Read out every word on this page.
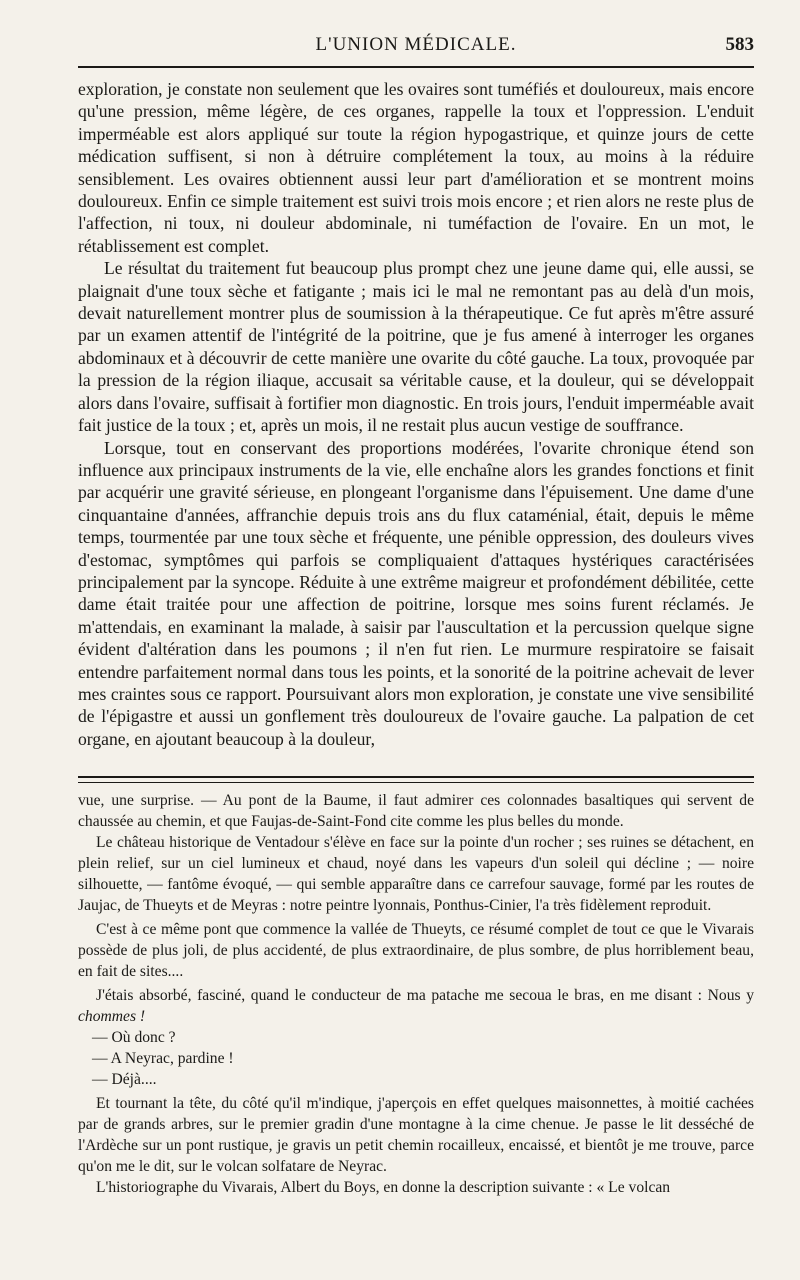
L'UNION MÉDICALE.	583

exploration, je constate non seulement que les ovaires sont tuméfiés et douloureux, mais encore qu'une pression, même légère, de ces organes, rappelle la toux et l'oppression. L'enduit imperméable est alors appliqué sur toute la région hypogastrique, et quinze jours de cette médication suffisent, si non à détruire complétement la toux, au moins à la réduire sensiblement. Les ovaires obtiennent aussi leur part d'amélioration et se montrent moins douloureux. Enfin ce simple traitement est suivi trois mois encore ; et rien alors ne reste plus de l'affection, ni toux, ni douleur abdominale, ni tuméfaction de l'ovaire. En un mot, le rétablissement est complet.

Le résultat du traitement fut beaucoup plus prompt chez une jeune dame qui, elle aussi, se plaignait d'une toux sèche et fatigante ; mais ici le mal ne remontant pas au delà d'un mois, devait naturellement montrer plus de soumission à la thérapeutique. Ce fut après m'être assuré par un examen attentif de l'intégrité de la poitrine, que je fus amené à interroger les organes abdominaux et à découvrir de cette manière une ovarite du côté gauche. La toux, provoquée par la pression de la région iliaque, accusait sa véritable cause, et la douleur, qui se développait alors dans l'ovaire, suffisait à fortifier mon diagnostic. En trois jours, l'enduit imperméable avait fait justice de la toux ; et, après un mois, il ne restait plus aucun vestige de souffrance.

Lorsque, tout en conservant des proportions modérées, l'ovarite chronique étend son influence aux principaux instruments de la vie, elle enchaîne alors les grandes fonctions et finit par acquérir une gravité sérieuse, en plongeant l'organisme dans l'épuisement. Une dame d'une cinquantaine d'années, affranchie depuis trois ans du flux cataménial, était, depuis le même temps, tourmentée par une toux sèche et fréquente, une pénible oppression, des douleurs vives d'estomac, symptômes qui parfois se compliquaient d'attaques hystériques caractérisées principalement par la syncope. Réduite à une extrême maigreur et profondément débilitée, cette dame était traitée pour une affection de poitrine, lorsque mes soins furent réclamés. Je m'attendais, en examinant la malade, à saisir par l'auscultation et la percussion quelque signe évident d'altération dans les poumons ; il n'en fut rien. Le murmure respiratoire se faisait entendre parfaitement normal dans tous les points, et la sonorité de la poitrine achevait de lever mes craintes sous ce rapport. Poursuivant alors mon exploration, je constate une vive sensibilité de l'épigastre et aussi un gonflement très douloureux de l'ovaire gauche. La palpation de cet organe, en ajoutant beaucoup à la douleur,

vue, une surprise. — Au pont de la Baume, il faut admirer ces colonnades basaltiques qui servent de chaussée au chemin, et que Faujas-de-Saint-Fond cite comme les plus belles du monde.

Le château historique de Ventadour s'élève en face sur la pointe d'un rocher ; ses ruines se détachent, en plein relief, sur un ciel lumineux et chaud, noyé dans les vapeurs d'un soleil qui décline ; — noire silhouette, — fantôme évoqué, — qui semble apparaître dans ce carrefour sauvage, formé par les routes de Jaujac, de Thueyts et de Meyras : notre peintre lyonnais, Ponthus-Cinier, l'a très fidèlement reproduit.

C'est à ce même pont que commence la vallée de Thueyts, ce résumé complet de tout ce que le Vivarais possède de plus joli, de plus accidenté, de plus extraordinaire, de plus sombre, de plus horriblement beau, en fait de sites....

J'étais absorbé, fasciné, quand le conducteur de ma patache me secoua le bras, en me disant : Nous y chommes !

— Où donc ?

— A Neyrac, pardine !

— Déjà....

Et tournant la tête, du côté qu'il m'indique, j'aperçois en effet quelques maisonnettes, à moitié cachées par de grands arbres, sur le premier gradin d'une montagne à la cime chenue. Je passe le lit desséché de l'Ardèche sur un pont rustique, je gravis un petit chemin rocailleux, encaissé, et bientôt je me trouve, parce qu'on me le dit, sur le volcan solfatare de Neyrac.

L'historiographe du Vivarais, Albert du Boys, en donne la description suivante : « Le volcan
